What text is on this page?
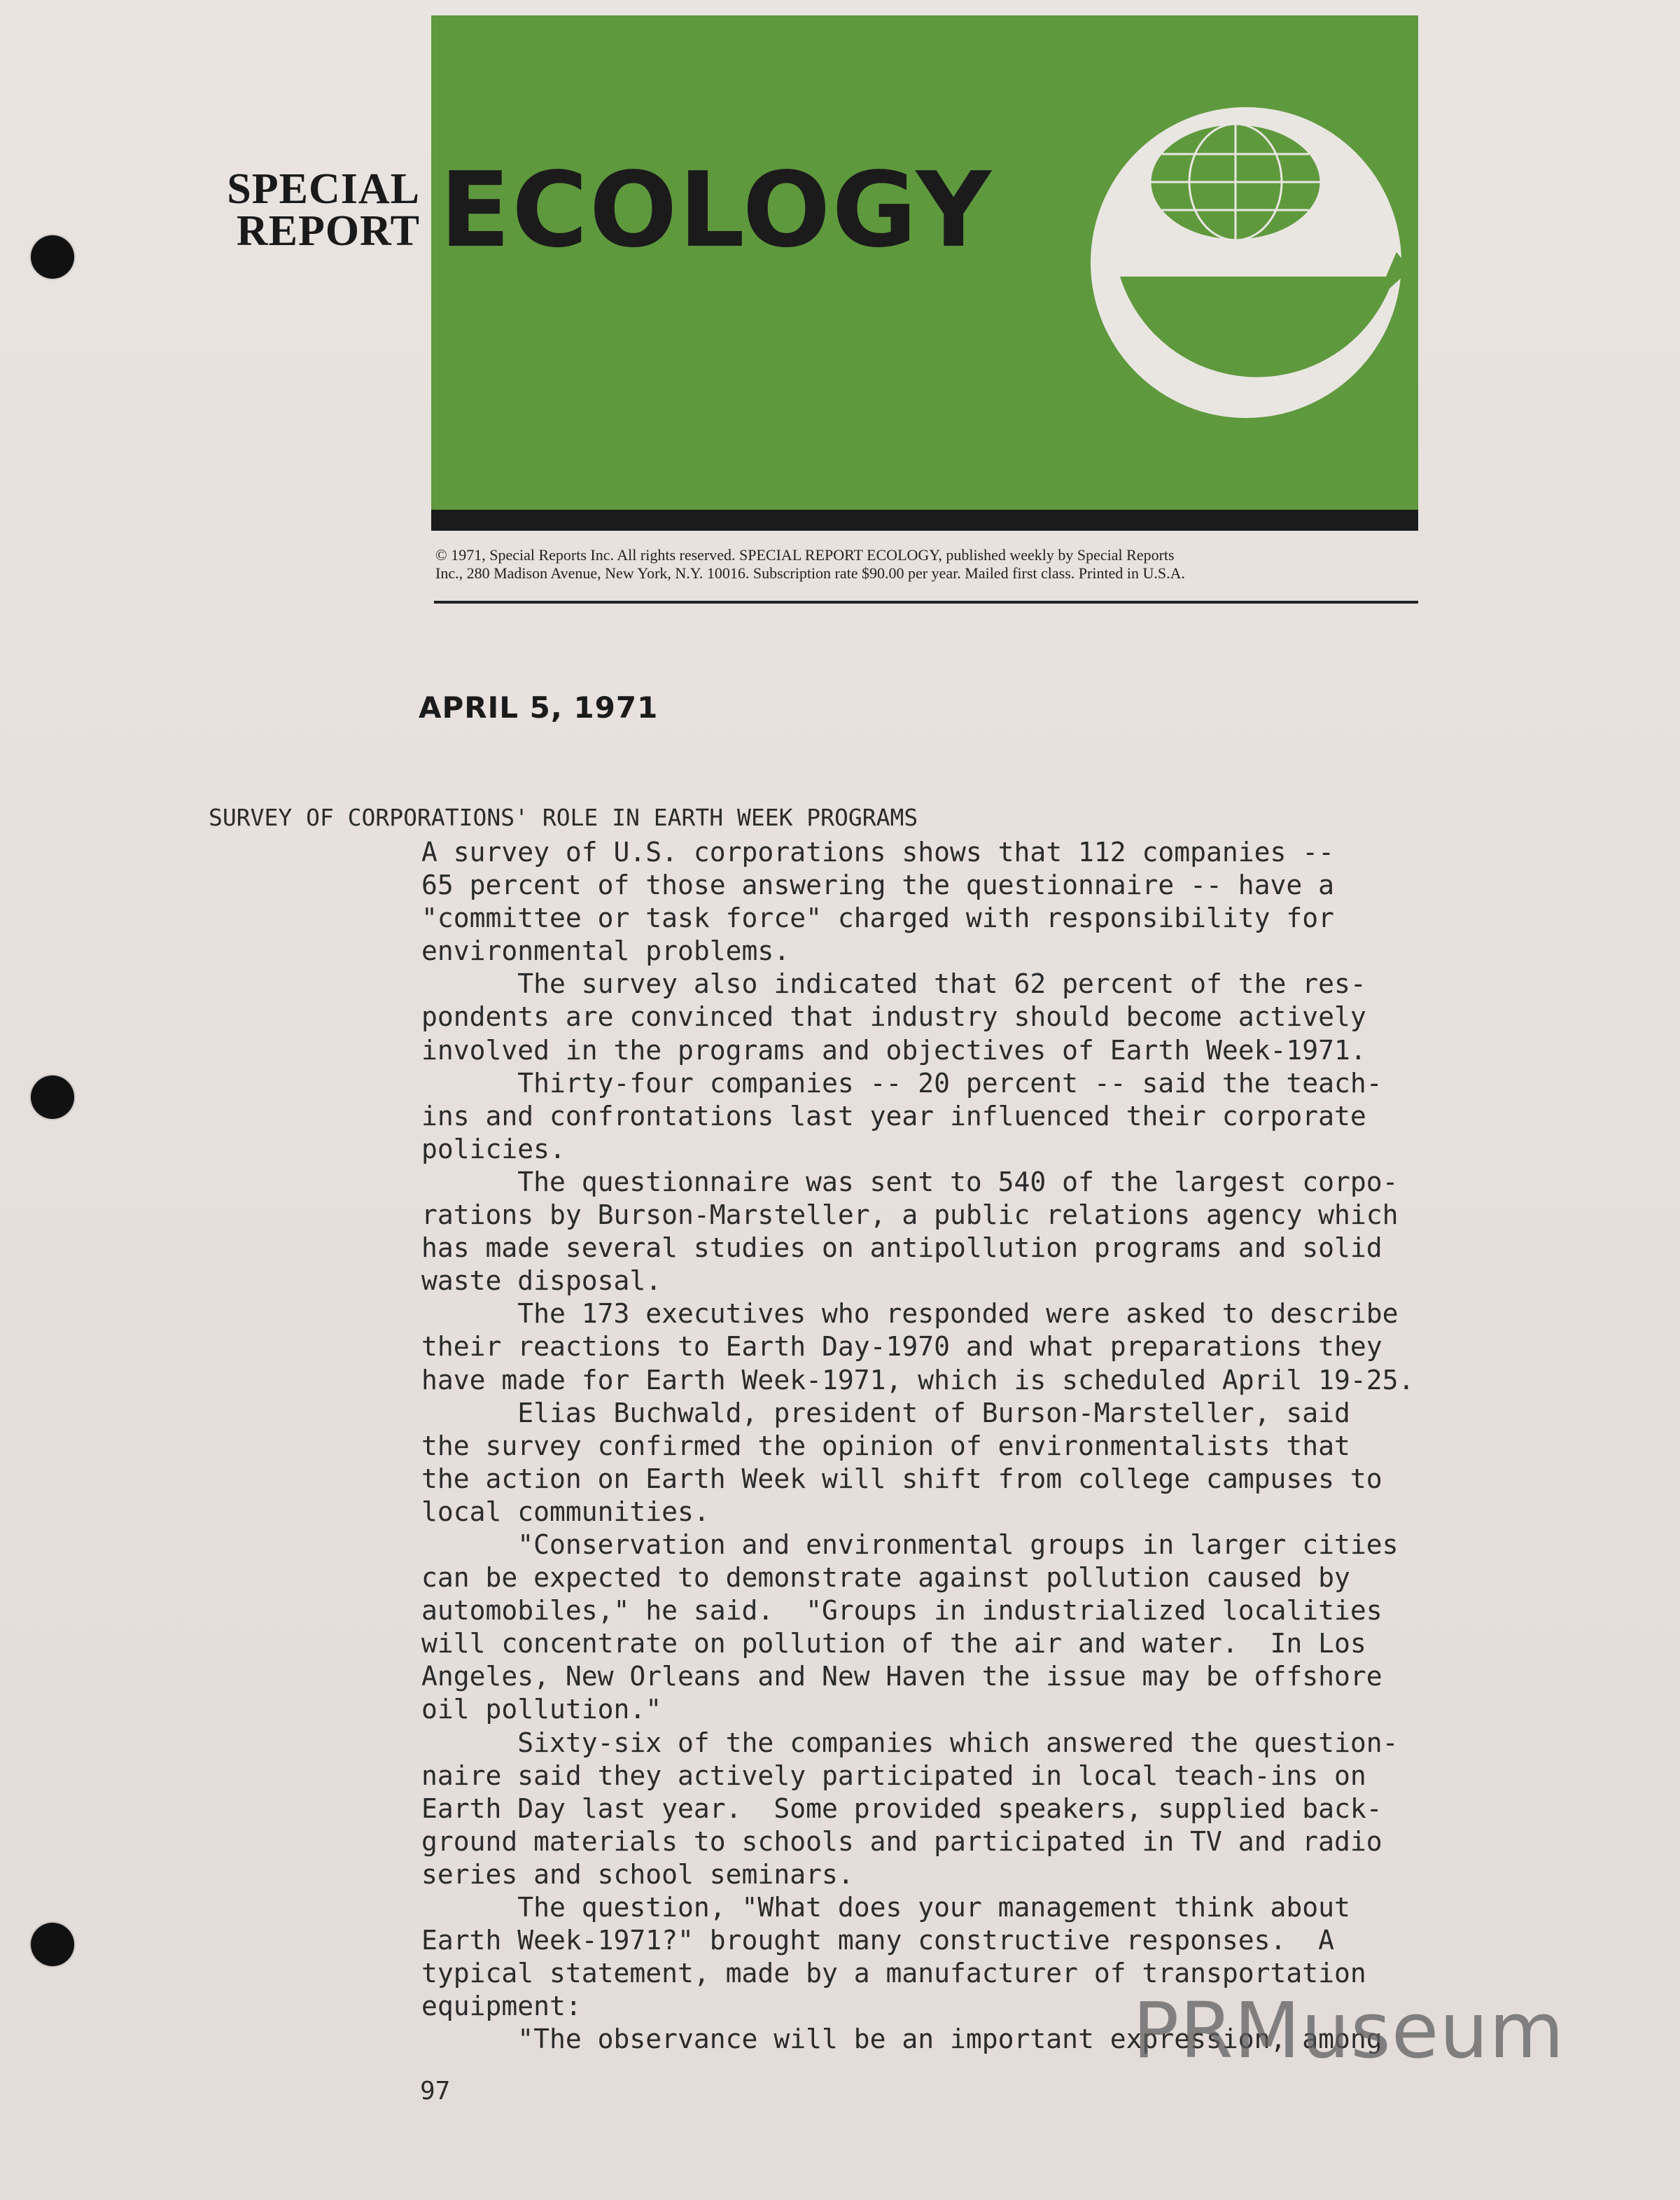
SPECIAL
REPORT ECOLOGY
© 1971, Special Reports Inc. All rights reserved. SPECIAL REPORT ECOLOGY, published weekly by Special Reports
Inc., 280 Madison Avenue, New York, N.Y. 10016. Subscription rate $90.00 per year. Mailed first class. Printed in U.S.A.
APRIL 5, 1971
SURVEY OF CORPORATIONS' ROLE IN EARTH WEEK PROGRAMS
A survey of U.S. corporations shows that 112 companies --
65 percent of those answering the questionnaire -- have a
"committee or task force" charged with responsibility for
environmental problems.
The survey also indicated that 62 percent of the res-
pondents are convinced that industry should become actively
involved in the programs and objectives of Earth Week-1971.
Thirty-four companies -- 20 percent -- said the teach-
ins and confrontations last year influenced their corporate
policies.
The questionnaire was sent to 540 of the largest corpo-
rations by Burson-Marsteller, a public relations agency which
has made several studies on antipollution programs and solid
waste disposal.
The 173 executives who responded were asked to describe
their reactions to Earth Day-1970 and what preparations they
have made for Earth Week-1971, which is scheduled April 19-25.
Elias Buchwald, president of Burson-Marsteller, said
the survey confirmed the opinion of environmentalists that
the action on Earth Week will shift from college campuses to
local communities.
"Conservation and environmental groups in larger cities
can be expected to demonstrate against pollution caused by
automobiles," he said.  "Groups in industrialized localities
will concentrate on pollution of the air and water.  In Los
Angeles, New Orleans and New Haven the issue may be offshore
oil pollution."
Sixty-six of the companies which answered the question-
naire said they actively participated in local teach-ins on
Earth Day last year.  Some provided speakers, supplied back-
ground materials to schools and participated in TV and radio
series and school seminars.
The question, "What does your management think about
Earth Week-1971?" brought many constructive responses.  A
typical statement, made by a manufacturer of transportation
equipment:
"The observance will be an important expression, among
97
PRMuseum
